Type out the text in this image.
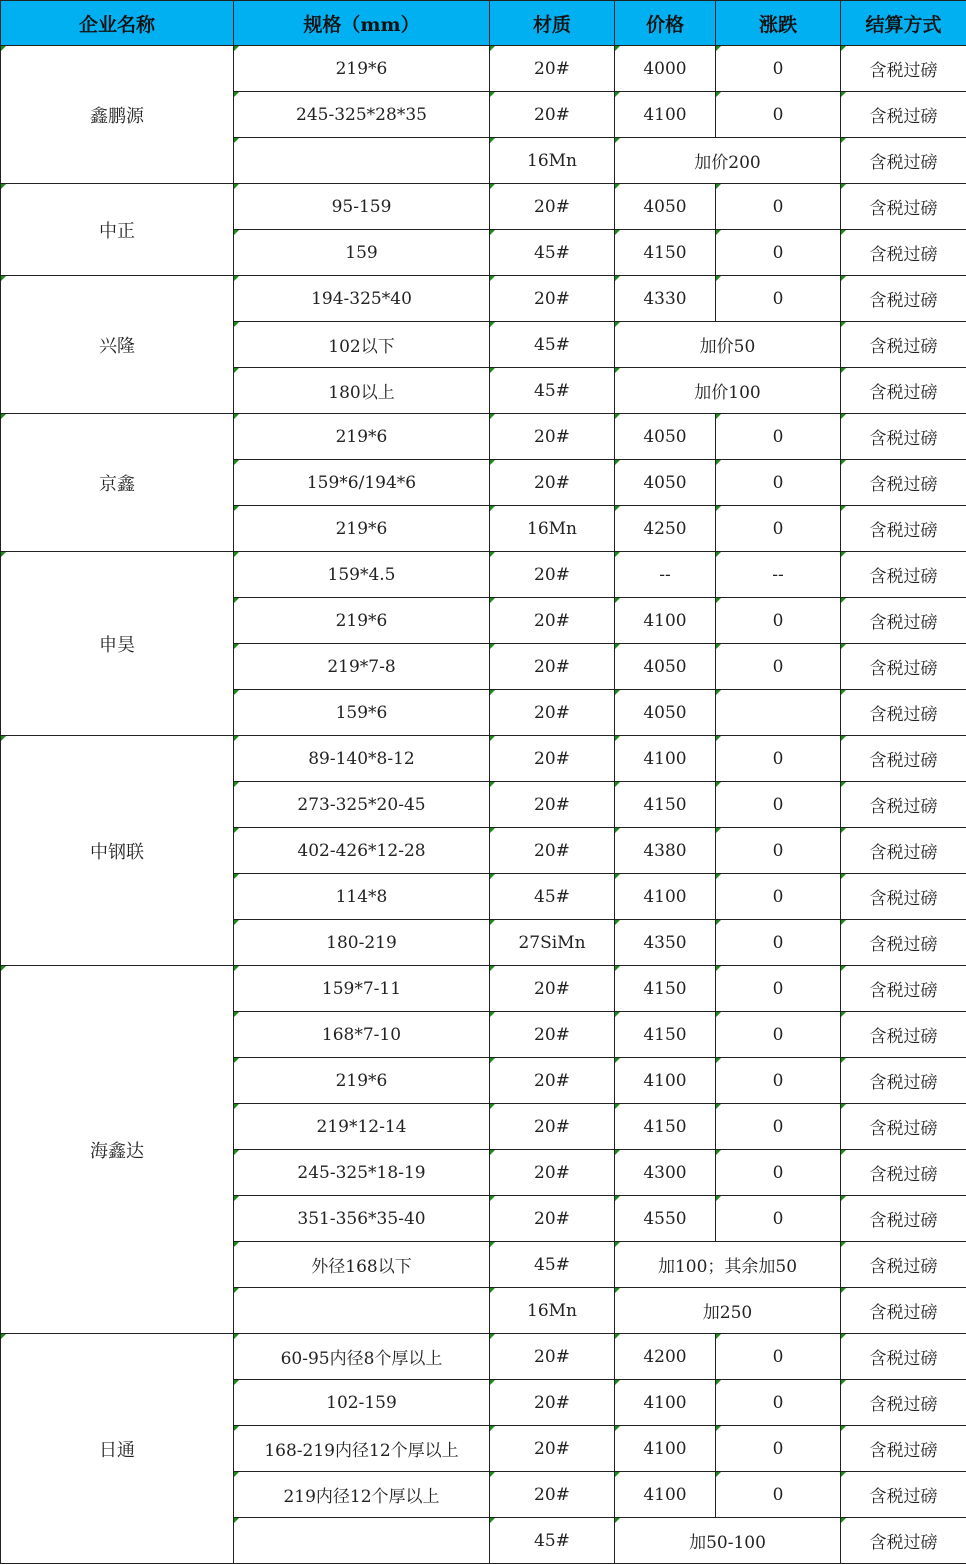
企业名称	规格（mm）	材质	价格	涨跌	结算方式
鑫鹏源	219*6	20#	4000	0	含税过磅
	245-325*28*35	20#	4100	0	含税过磅
		16Mn	加价200		含税过磅
中正	95-159	20#	4050	0	含税过磅
	159	45#	4150	0	含税过磅
兴隆	194-325*40	20#	4330	0	含税过磅
	102以下	45#	加价50		含税过磅
	180以上	45#	加价100		含税过磅
京鑫	219*6	20#	4050	0	含税过磅
	159*6/194*6	20#	4050	0	含税过磅
	219*6	16Mn	4250	0	含税过磅
申昊	159*4.5	20#	--	--	含税过磅
	219*6	20#	4100	0	含税过磅
	219*7-8	20#	4050	0	含税过磅
	159*6	20#	4050		含税过磅
中钢联	89-140*8-12	20#	4100	0	含税过磅
	273-325*20-45	20#	4150	0	含税过磅
	402-426*12-28	20#	4380	0	含税过磅
	114*8	45#	4100	0	含税过磅
	180-219	27SiMn	4350	0	含税过磅
海鑫达	159*7-11	20#	4150	0	含税过磅
	168*7-10	20#	4150	0	含税过磅
	219*6	20#	4100	0	含税过磅
	219*12-14	20#	4150	0	含税过磅
	245-325*18-19	20#	4300	0	含税过磅
	351-356*35-40	20#	4550	0	含税过磅
	外径168以下	45#	加100；其余加50		含税过磅
		16Mn	加250		含税过磅
日通	60-95内径8个厚以上	20#	4200	0	含税过磅
	102-159	20#	4100	0	含税过磅
	168-219内径12个厚以上	20#	4100	0	含税过磅
	219内径12个厚以上	20#	4100	0	含税过磅
		45#	加50-100		含税过磅
